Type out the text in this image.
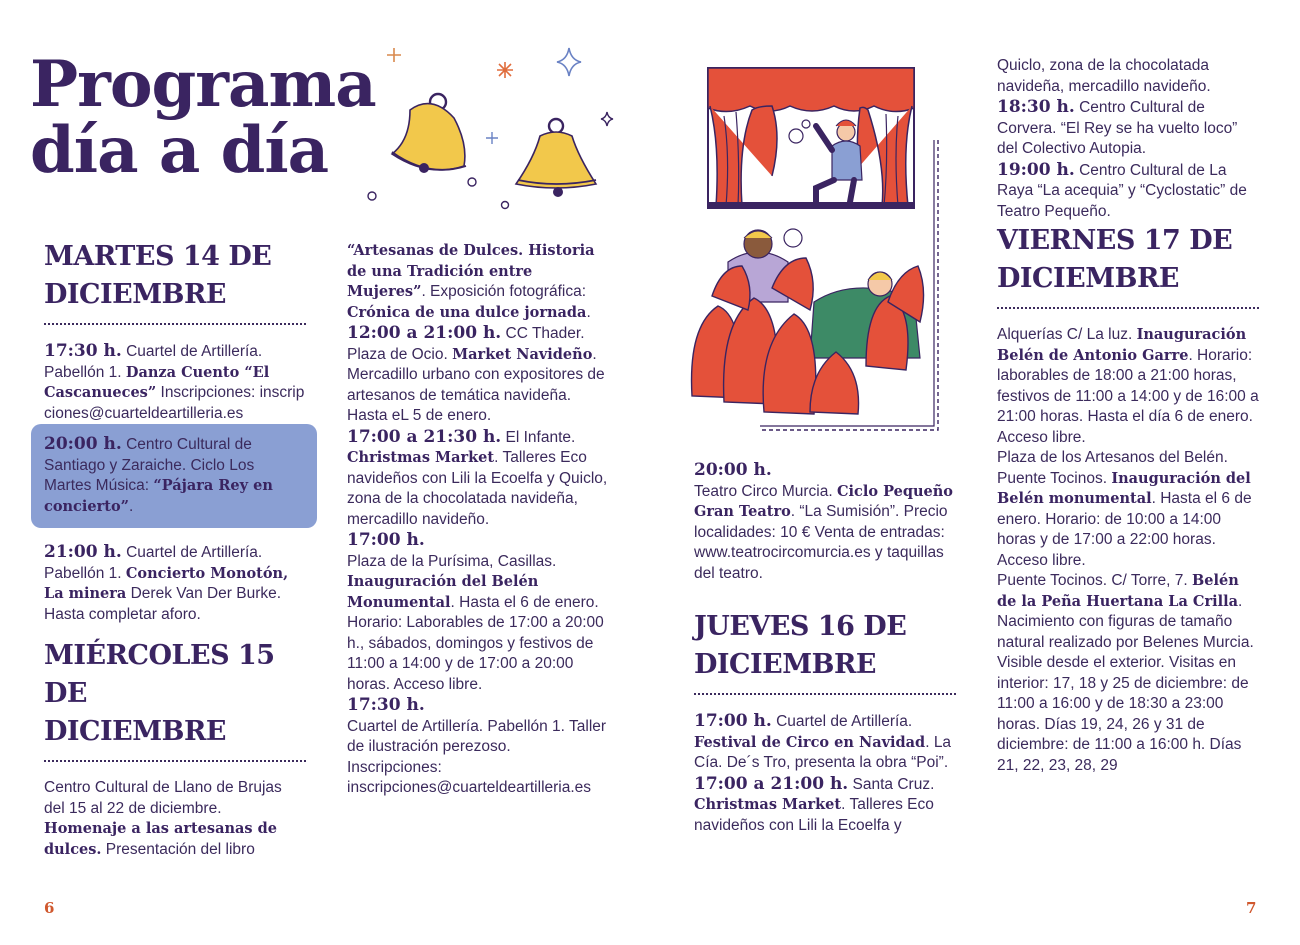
Programa
día a día
MARTES 14 DE
DICIEMBRE

17:30 h. Cuartel de Artillería. Pabellón 1. Danza Cuento “El Cascanueces” Inscripciones: inscripciones@cuarteldeartilleria.es

20:00 h. Centro Cultural de Santiago y Zaraiche. Ciclo Los Martes Música: “Pájara Rey en concierto”.

21:00 h. Cuartel de Artillería. Pabellón 1. Concierto Monotón, La minera Derek Van Der Burke. Hasta completar aforo.

MIÉRCOLES 15 DE
DICIEMBRE

Centro Cultural de Llano de Brujas del 15 al 22 de diciembre. Homenaje a las artesanas de dulces. Presentación del libro

“Artesanas de Dulces. Historia de una Tradición entre Mujeres”. Exposición fotográfica: Crónica de una dulce jornada.

12:00 a 21:00 h. CC Thader. Plaza de Ocio. Market Navideño. Mercadillo urbano con expositores de artesanos de temática navideña. Hasta eL 5 de enero.

17:00 a 21:30 h. El Infante. Christmas Market. Talleres Eco navideños con Lili la Ecoelfa y Quiclo, zona de la chocolatada navideña, mercadillo navideño.

17:00 h.
Plaza de la Purísima, Casillas. Inauguración del Belén Monumental. Hasta el 6 de enero. Horario: Laborables de 17:00 a 20:00 h., sábados, domingos y festivos de 11:00 a 14:00 y de 17:00 a 20:00 horas. Acceso libre.

17:30 h.
Cuartel de Artillería. Pabellón 1. Taller de ilustración perezoso. Inscripciones: inscripciones@cuarteldeartilleria.es

20:00 h.
Teatro Circo Murcia. Ciclo Pequeño Gran Teatro. “La Sumisión”. Precio localidades: 10 € Venta de entradas: www.teatrocircomurcia.es y taquillas del teatro.

JUEVES 16 DE
DICIEMBRE

17:00 h. Cuartel de Artillería. Festival de Circo en Navidad. La Cía. De´s Tro, presenta la obra “Poi”.

17:00 a 21:00 h. Santa Cruz. Christmas Market. Talleres Eco navideños con Lili la Ecoelfa y

Quiclo, zona de la chocolatada navideña, mercadillo navideño.

18:30 h. Centro Cultural de Corvera. “El Rey se ha vuelto loco” del Colectivo Autopia.

19:00 h. Centro Cultural de La Raya “La acequia” y “Cyclostatic” de Teatro Pequeño.

VIERNES 17 DE
DICIEMBRE

Alquerías C/ La luz. Inauguración Belén de Antonio Garre. Horario: laborables de 18:00 a 21:00 horas, festivos de 11:00 a 14:00 y de 16:00 a 21:00 horas. Hasta el día 6 de enero. Acceso libre.

Plaza de los Artesanos del Belén. Puente Tocinos. Inauguración del Belén monumental. Hasta el 6 de enero. Horario: de 10:00 a 14:00 horas y de 17:00 a 22:00 horas. Acceso libre.

Puente Tocinos. C/ Torre, 7. Belén de la Peña Huertana La Crilla. Nacimiento con figuras de tamaño natural realizado por Belenes Murcia. Visible desde el exterior. Visitas en interior: 17, 18 y 25 de diciembre: de 11:00 a 16:00 y de 18:30 a 23:00 horas. Días 19, 24, 26 y 31 de diciembre: de 11:00 a 16:00 h. Días 21, 22, 23, 28, 29

6	7
